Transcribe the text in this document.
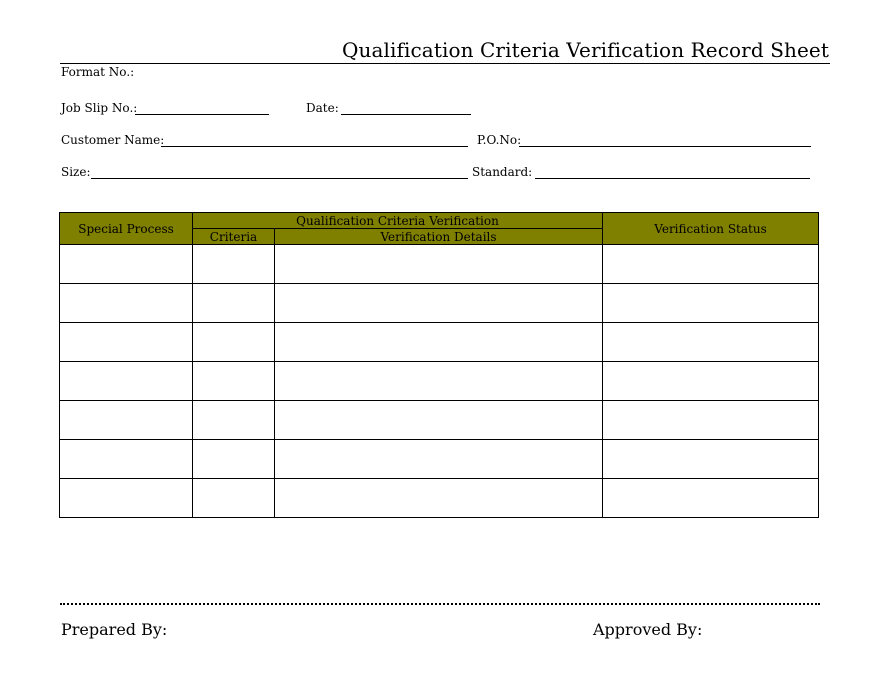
Qualification Criteria Verification Record Sheet
Format No.:
Job Slip No.:	Date:
Customer Name:	P.O.No:
Size:	Standard:
Special Process	Qualification Criteria Verification		Verification Status
	Criteria	Verification Details	

Prepared By:	Approved By:
